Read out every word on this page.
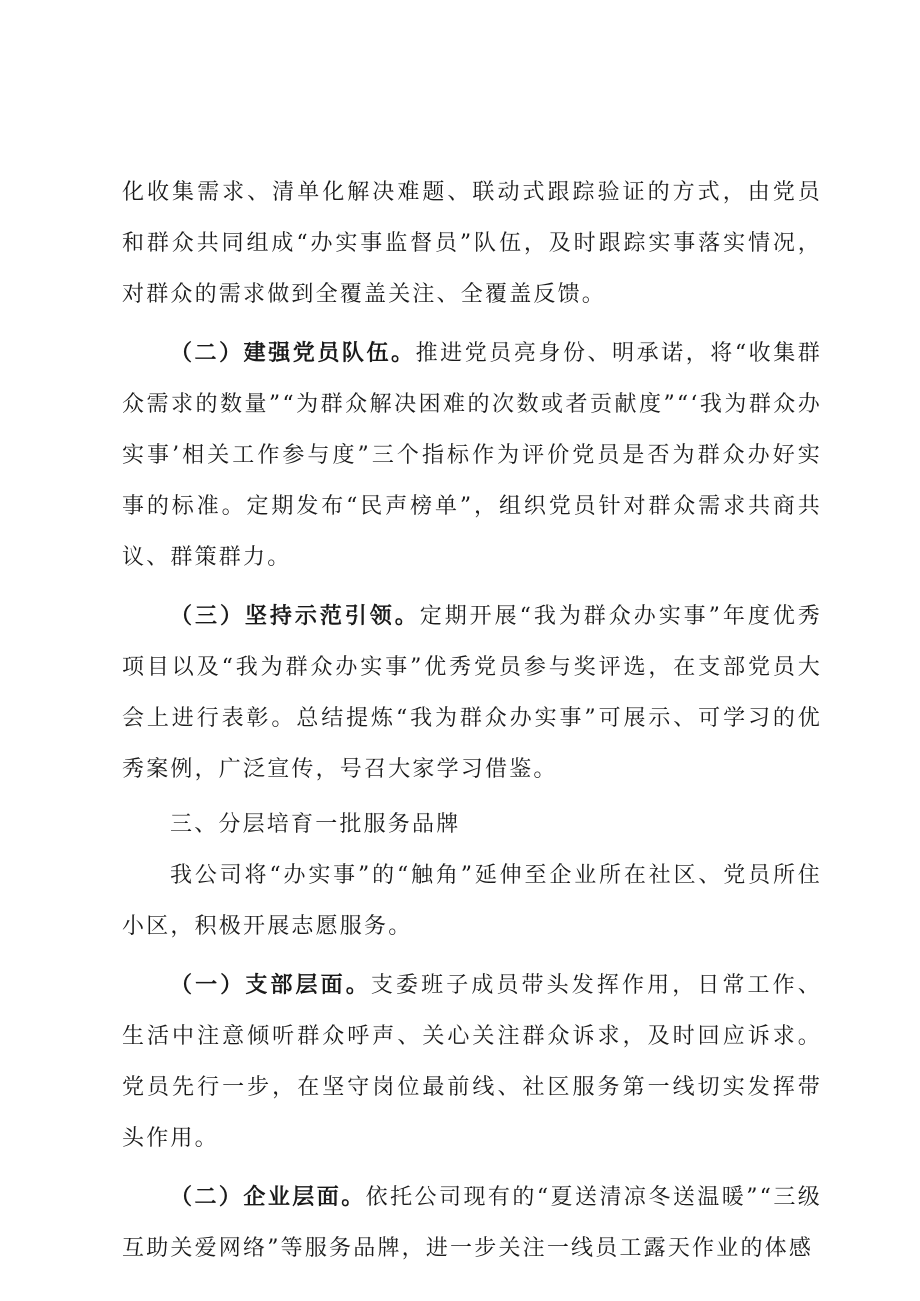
化收集需求、清单化解决难题、联动式跟踪验证的方式，由党员和群众共同组成“办实事监督员”队伍，及时跟踪实事落实情况，对群众的需求做到全覆盖关注、全覆盖反馈。

（二）建强党员队伍。推进党员亮身份、明承诺，将“收集群众需求的数量”“为群众解决困难的次数或者贡献度”“‘我为群众办实事’相关工作参与度”三个指标作为评价党员是否为群众办好实事的标准。定期发布“民声榜单”，组织党员针对群众需求共商共议、群策群力。

（三）坚持示范引领。定期开展“我为群众办实事”年度优秀项目以及“我为群众办实事”优秀党员参与奖评选，在支部党员大会上进行表彰。总结提炼“我为群众办实事”可展示、可学习的优秀案例，广泛宣传，号召大家学习借鉴。

三、分层培育一批服务品牌

我公司将“办实事”的“触角”延伸至企业所在社区、党员所住小区，积极开展志愿服务。

（一）支部层面。支委班子成员带头发挥作用，日常工作、生活中注意倾听群众呼声、关心关注群众诉求，及时回应诉求。党员先行一步，在坚守岗位最前线、社区服务第一线切实发挥带头作用。

（二）企业层面。依托公司现有的“夏送清凉冬送温暖”“三级互助关爱网络”等服务品牌，进一步关注一线员工露天作业的体感
